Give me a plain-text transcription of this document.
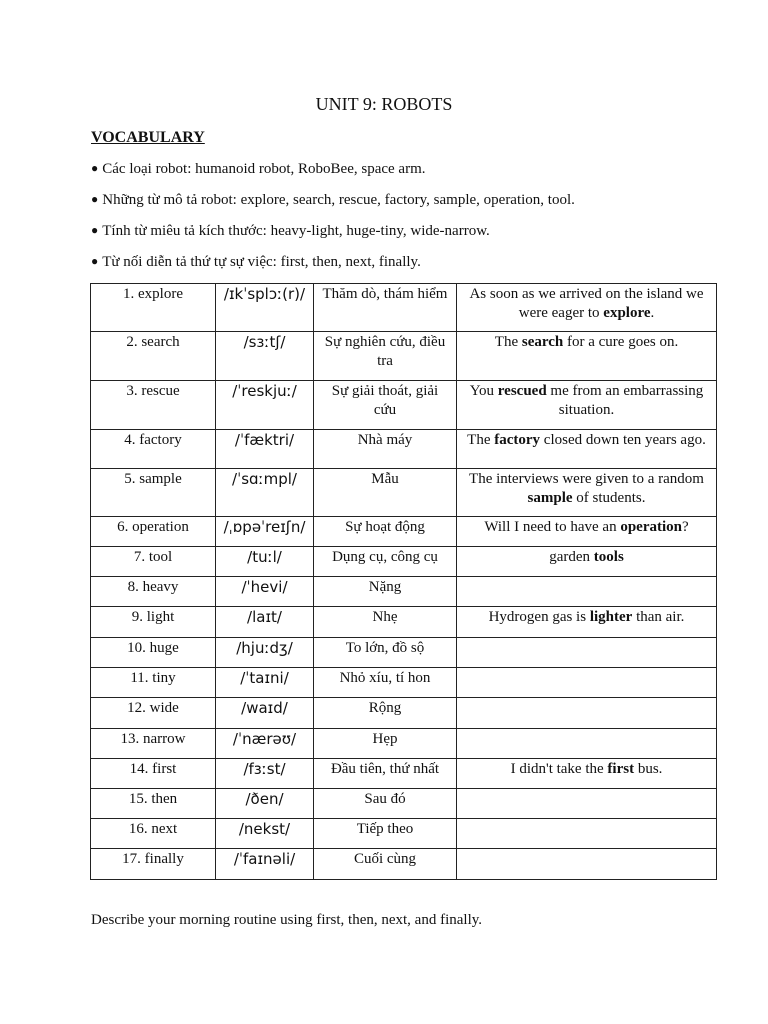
UNIT 9: ROBOTS
VOCABULARY
● Các loại robot: humanoid robot, RoboBee, space arm.
● Những từ mô tả robot: explore, search, rescue, factory, sample, operation, tool.
● Tính từ miêu tả kích thước: heavy-light, huge-tiny, wide-narrow.
● Từ nối diễn tả thứ tự sự việc: first, then, next, finally.
1. explore	/ɪkˈsplɔː(r)/	Thăm dò, thám hiểm	As soon as we arrived on the island we were eager to explore.
2. search	/sɜːtʃ/	Sự nghiên cứu, điều tra	The search for a cure goes on.
3. rescue	/ˈreskjuː/	Sự giải thoát, giải cứu	You rescued me from an embarrassing situation.
4. factory	/ˈfæktri/	Nhà máy	The factory closed down ten years ago.
5. sample	/ˈsɑːmpl/	Mẫu	The interviews were given to a random sample of students.
6. operation	/ˌɒpəˈreɪʃn/	Sự hoạt động	Will I need to have an operation?
7. tool	/tuːl/	Dụng cụ, công cụ	garden tools
8. heavy	/ˈhevi/	Nặng	
9. light	/laɪt/	Nhẹ	Hydrogen gas is lighter than air.
10. huge	/hjuːdʒ/	To lớn, đồ sộ	
11. tiny	/ˈtaɪni/	Nhỏ xíu, tí hon	
12. wide	/waɪd/	Rộng	
13. narrow	/ˈnærəʊ/	Hẹp	
14. first	/fɜːst/	Đầu tiên, thứ nhất	I didn't take the first bus.
15. then	/ðen/	Sau đó	
16. next	/nekst/	Tiếp theo	
17. finally	/ˈfaɪnəli/	Cuối cùng	
Describe your morning routine using first, then, next, and finally.
